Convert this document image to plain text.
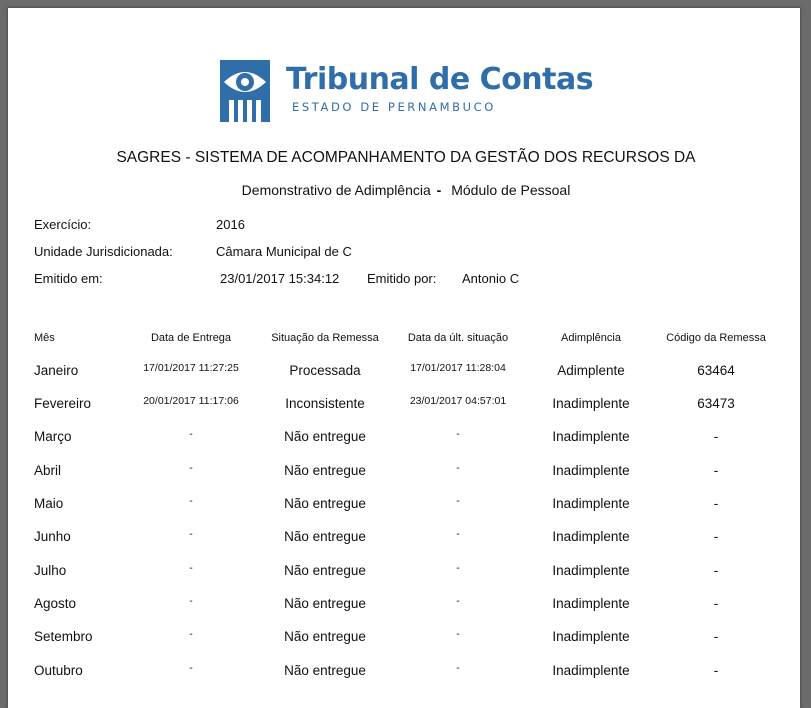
Tribunal de Contas
ESTADO DE PERNAMBUCO
SAGRES - SISTEMA DE ACOMPANHAMENTO DA GESTÃO DOS RECURSOS DA
Demonstrativo de Adimplência - Módulo de Pessoal
Exercício:	2016
Unidade Jurisdicionada:	Câmara Municipal de C
Emitido em:	23/01/2017 15:34:12 Emitido por: Antonio C
Mês	Data de Entrega	Situação da Remessa	Data da últ. situação	Adimplência	Código da Remessa
Janeiro	17/01/2017 11:27:25	Processada	17/01/2017 11:28:04	Adimplente	63464
Fevereiro	20/01/2017 11:17:06	Inconsistente	23/01/2017 04:57:01	Inadimplente	63473
Março	-	Não entregue	-	Inadimplente	-
Abril	-	Não entregue	-	Inadimplente	-
Maio	-	Não entregue	-	Inadimplente	-
Junho	-	Não entregue	-	Inadimplente	-
Julho	-	Não entregue	-	Inadimplente	-
Agosto	-	Não entregue	-	Inadimplente	-
Setembro	-	Não entregue	-	Inadimplente	-
Outubro	-	Não entregue	-	Inadimplente	-
